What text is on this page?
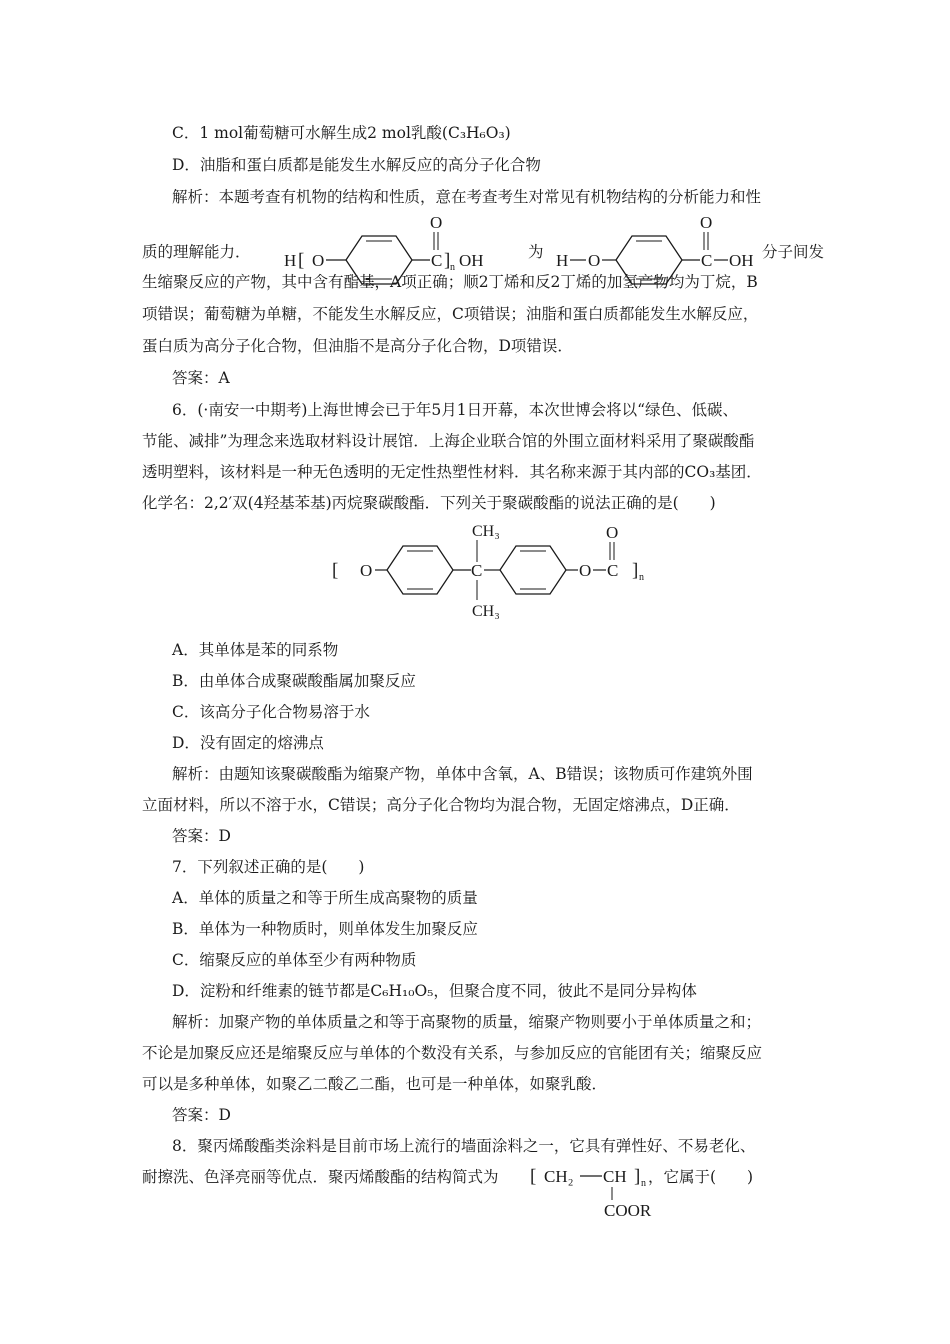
C．1 mol葡萄糖可水解生成2 mol乳酸(C₃H₆O₃)
D．油脂和蛋白质都是能发生水解反应的高分子化合物
解析：本题考查有机物的结构和性质，意在考查考生对常见有机物结构的分析能力和性
质的理解能力． H [ O	C
O
] n OH	为 H O	C
O
OH 分子间发
生缩聚反应的产物，其中含有酯基，A项正确；顺2丁烯和反2丁烯的加氢产物均为丁烷，B
项错误；葡萄糖为单糖，不能发生水解反应，C项错误；油脂和蛋白质都能发生水解反应，
蛋白质为高分子化合物，但油脂不是高分子化合物，D项错误．
答案：A
6．(·南安一中期考)上海世博会已于年5月1日开幕，本次世博会将以“绿色、低碳、
节能、减排”为理念来选取材料设计展馆．上海企业联合馆的外围立面材料采用了聚碳酸酯
透明塑料，该材料是一种无色透明的无定性热塑性材料．其名称来源于其内部的CO₃基团．
化学名：2,2′双(4羟基苯基)丙烷聚碳酸酯．下列关于聚碳酸酯的说法正确的是(　　)
[ O	C
CH₃
CH₃
O C
O
] n
A．其单体是苯的同系物
B．由单体合成聚碳酸酯属加聚反应
C．该高分子化合物易溶于水
D．没有固定的熔沸点
解析：由题知该聚碳酸酯为缩聚产物，单体中含氧，A、B错误；该物质可作建筑外围
立面材料，所以不溶于水，C错误；高分子化合物均为混合物，无固定熔沸点，D正确．
答案：D
7．下列叙述正确的是(　　)
A．单体的质量之和等于所生成高聚物的质量
B．单体为一种物质时，则单体发生加聚反应
C．缩聚反应的单体至少有两种物质
D．淀粉和纤维素的链节都是C₆H₁₀O₅，但聚合度不同，彼此不是同分异构体
解析：加聚产物的单体质量之和等于高聚物的质量，缩聚产物则要小于单体质量之和；
不论是加聚反应还是缩聚反应与单体的个数没有关系，与参加反应的官能团有关；缩聚反应
可以是多种单体，如聚乙二酸乙二酯，也可是一种单体，如聚乳酸．
答案：D
8．聚丙烯酸酯类涂料是目前市场上流行的墙面涂料之一，它具有弹性好、不易老化、
耐擦洗、色泽亮丽等优点．聚丙烯酸酯的结构简式为 [ CH₂ CH ] n
COOR
，它属于(　　)
